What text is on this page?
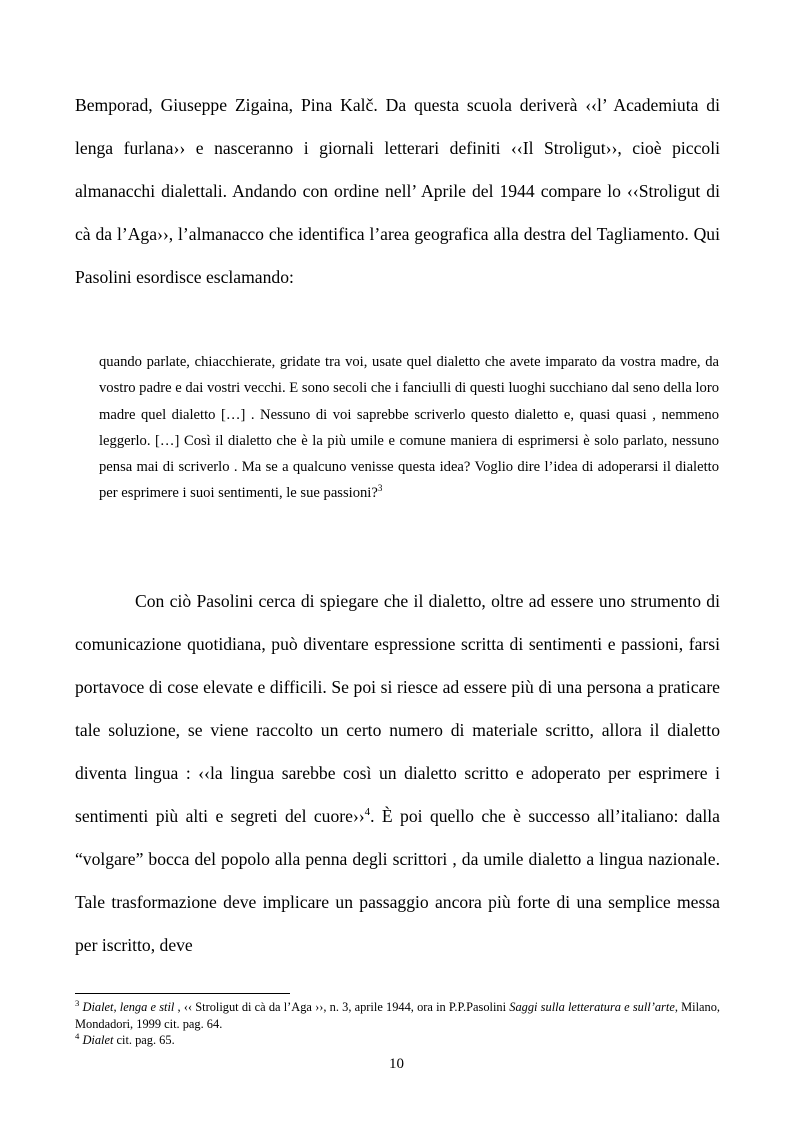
Bemporad, Giuseppe Zigaina, Pina Kalč. Da questa scuola deriverà ‹‹l’ Academiuta di lenga furlana›› e nasceranno i giornali letterari definiti ‹‹Il Stroligut››, cioè piccoli almanacchi dialettali. Andando con ordine nell’ Aprile del 1944 compare lo ‹‹Stroligut di cà da l’Aga››, l’almanacco che identifica l’area geografica alla destra del Tagliamento. Qui Pasolini esordisce esclamando:

quando parlate, chiacchierate, gridate tra voi, usate quel dialetto che avete imparato da vostra madre, da vostro padre e dai vostri vecchi. E sono secoli che i fanciulli di questi luoghi succhiano dal seno della loro madre quel dialetto […] . Nessuno di voi saprebbe scriverlo questo dialetto e, quasi quasi , nemmeno leggerlo. […] Così il dialetto che è la più umile e comune maniera di esprimersi è solo parlato, nessuno pensa mai di scriverlo . Ma se a qualcuno venisse questa idea? Voglio dire l’idea di adoperarsi il dialetto per esprimere i suoi sentimenti, le sue passioni?$^3$

Con ciò Pasolini cerca di spiegare che il dialetto, oltre ad essere uno strumento di comunicazione quotidiana, può diventare espressione scritta di sentimenti e passioni, farsi portavoce di cose elevate e difficili. Se poi si riesce ad essere più di una persona a praticare tale soluzione, se viene raccolto un certo numero di materiale scritto, allora il dialetto diventa lingua : ‹‹la lingua sarebbe così un dialetto scritto e adoperato per esprimere i sentimenti più alti e segreti del cuore››$^4$. È poi quello che è successo all’italiano: dalla “volgare” bocca del popolo alla penna degli scrittori , da umile dialetto a lingua nazionale. Tale trasformazione deve implicare un passaggio ancora più forte di una semplice messa per iscritto, deve

$^3$ Dialet, lenga e stil , ‹‹ Stroligut di cà da l’Aga ››, n. 3, aprile 1944, ora in P.P.Pasolini Saggi sulla letteratura e sull’arte, Milano, Mondadori, 1999 cit. pag. 64.

$^4$ Dialet cit. pag. 65.

10
